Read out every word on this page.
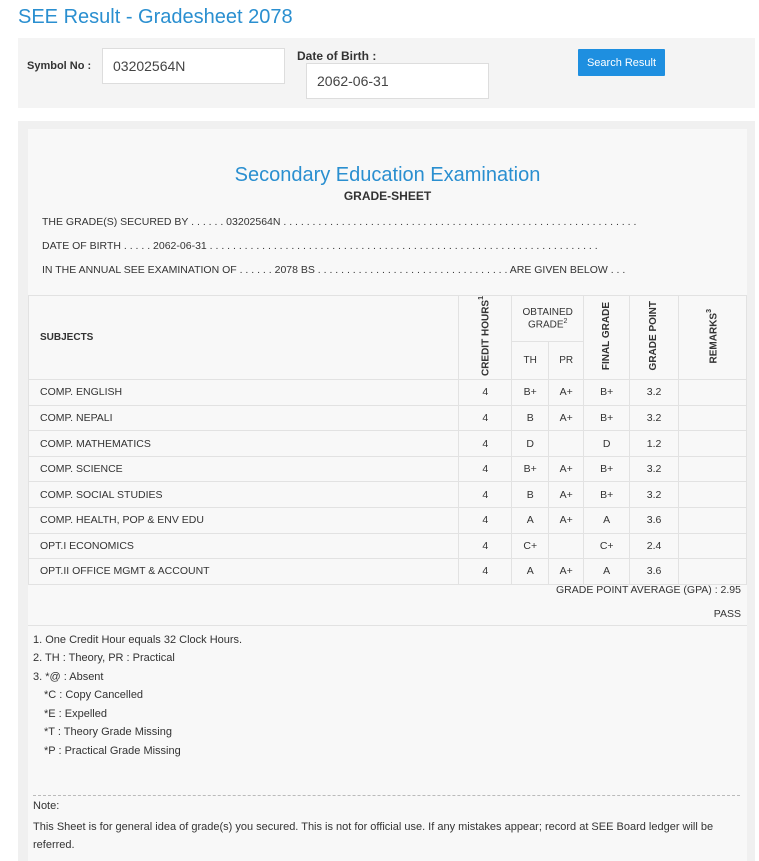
SEE Result - Gradesheet 2078
Symbol No :
03202564N
Date of Birth :
2062-06-31	Search Result
Secondary Education Examination
GRADE-SHEET
THE GRADE(S) SECURED BY . . . . . . 03202564N . . . . . . . . . . . . . . . . . . . . . . . . . . . . . . . . . . . . . . . . . . . . . . . . . . . . . . . . . . . . .
DATE OF BIRTH . . . . . 2062-06-31 . . . . . . . . . . . . . . . . . . . . . . . . . . . . . . . . . . . . . . . . . . . . . . . . . . . . . . . . . . . . . . . . . . .
IN THE ANNUAL SEE EXAMINATION OF . . . . . . 2078 BS . . . . . . . . . . . . . . . . . . . . . . . . . . . . . . . . . ARE GIVEN BELOW . . .
SUBJECTS	CREDIT HOURS$^1$	OBTAINED GRADE$^2$		FINAL GRADE	GRADE POINT	REMARKS$^3$
		TH	PR			
COMP. ENGLISH	4	B+	A+	B+	3.2	
COMP. NEPALI	4	B	A+	B+	3.2	
COMP. MATHEMATICS	4	D		D	1.2	
COMP. SCIENCE	4	B+	A+	B+	3.2	
COMP. SOCIAL STUDIES	4	B	A+	B+	3.2	
COMP. HEALTH, POP & ENV EDU	4	A	A+	A	3.6	
OPT.I ECONOMICS	4	C+		C+	2.4	
OPT.II OFFICE MGMT & ACCOUNT	4	A	A+	A	3.6	
GRADE POINT AVERAGE (GPA) : 2.95
PASS
1. One Credit Hour equals 32 Clock Hours.
2. TH : Theory, PR : Practical
3. *@ : Absent
*C : Copy Cancelled
*E : Expelled
*T : Theory Grade Missing
*P : Practical Grade Missing
Note:
This Sheet is for general idea of grade(s) you secured. This is not for official use. If any mistakes appear; record at SEE Board ledger will be referred.
